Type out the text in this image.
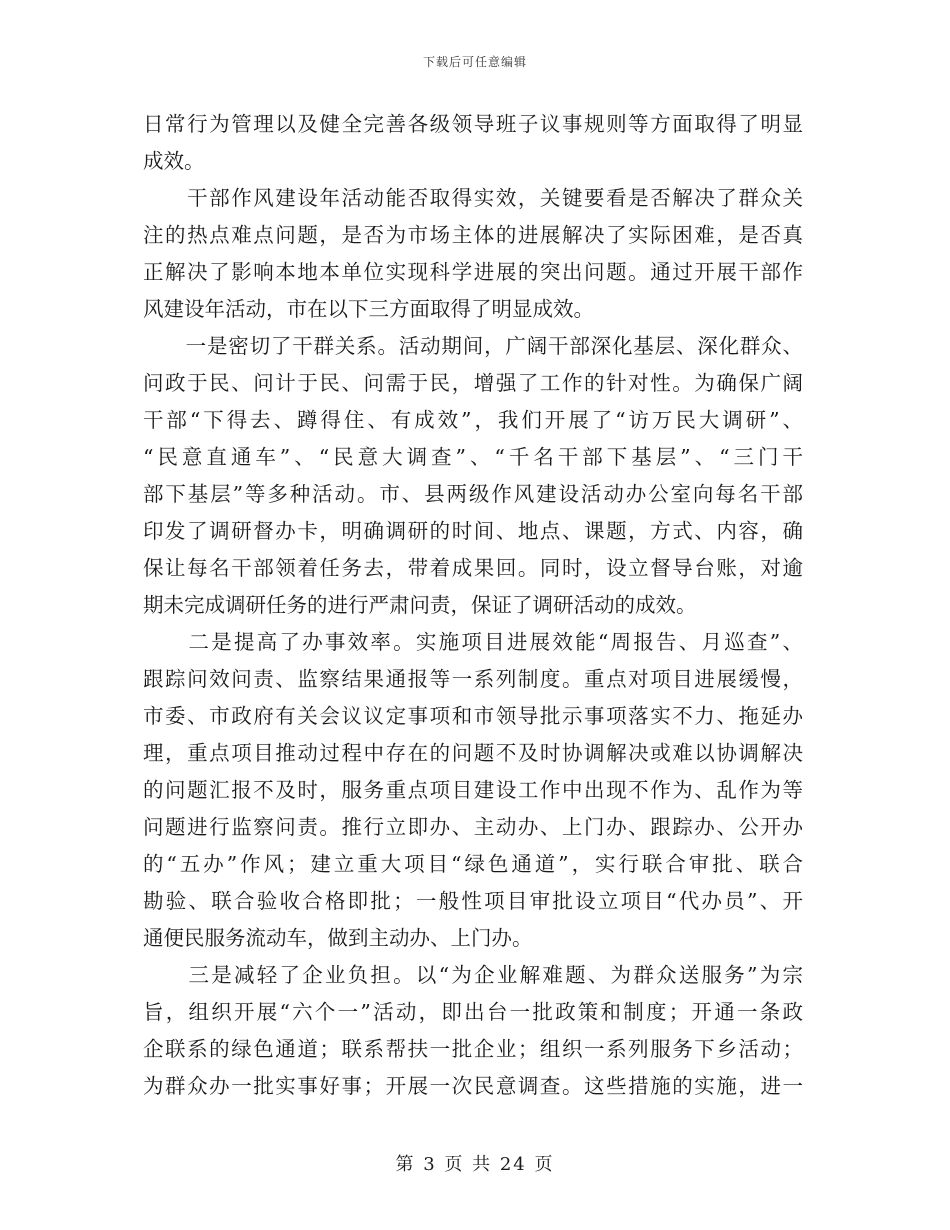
下载后可任意编辑
日常行为管理以及健全完善各级领导班子议事规则等方面取得了明显
成效。
　　干部作风建设年活动能否取得实效，关键要看是否解决了群众关
注的热点难点问题，是否为市场主体的进展解决了实际困难，是否真
正解决了影响本地本单位实现科学进展的突出问题。通过开展干部作
风建设年活动，市在以下三方面取得了明显成效。
　　一是密切了干群关系。活动期间，广阔干部深化基层、深化群众、
问政于民、问计于民、问需于民，增强了工作的针对性。为确保广阔
干部“下得去、蹲得住、有成效”，我们开展了“访万民大调研”、
“民意直通车”、“民意大调查”、“千名干部下基层”、“三门干
部下基层”等多种活动。市、县两级作风建设活动办公室向每名干部
印发了调研督办卡，明确调研的时间、地点、课题，方式、内容，确
保让每名干部领着任务去，带着成果回。同时，设立督导台账，对逾
期未完成调研任务的进行严肃问责，保证了调研活动的成效。
　　二是提高了办事效率。实施项目进展效能“周报告、月巡查”、
跟踪问效问责、监察结果通报等一系列制度。重点对项目进展缓慢，
市委、市政府有关会议议定事项和市领导批示事项落实不力、拖延办
理，重点项目推动过程中存在的问题不及时协调解决或难以协调解决
的问题汇报不及时，服务重点项目建设工作中出现不作为、乱作为等
问题进行监察问责。推行立即办、主动办、上门办、跟踪办、公开办
的“五办”作风；建立重大项目“绿色通道”，实行联合审批、联合
勘验、联合验收合格即批；一般性项目审批设立项目“代办员”、开
通便民服务流动车，做到主动办、上门办。
　　三是减轻了企业负担。以“为企业解难题、为群众送服务”为宗
旨，组织开展“六个一”活动，即出台一批政策和制度；开通一条政
企联系的绿色通道；联系帮扶一批企业；组织一系列服务下乡活动；
为群众办一批实事好事；开展一次民意调查。这些措施的实施，进一
第 3 页 共 24 页
